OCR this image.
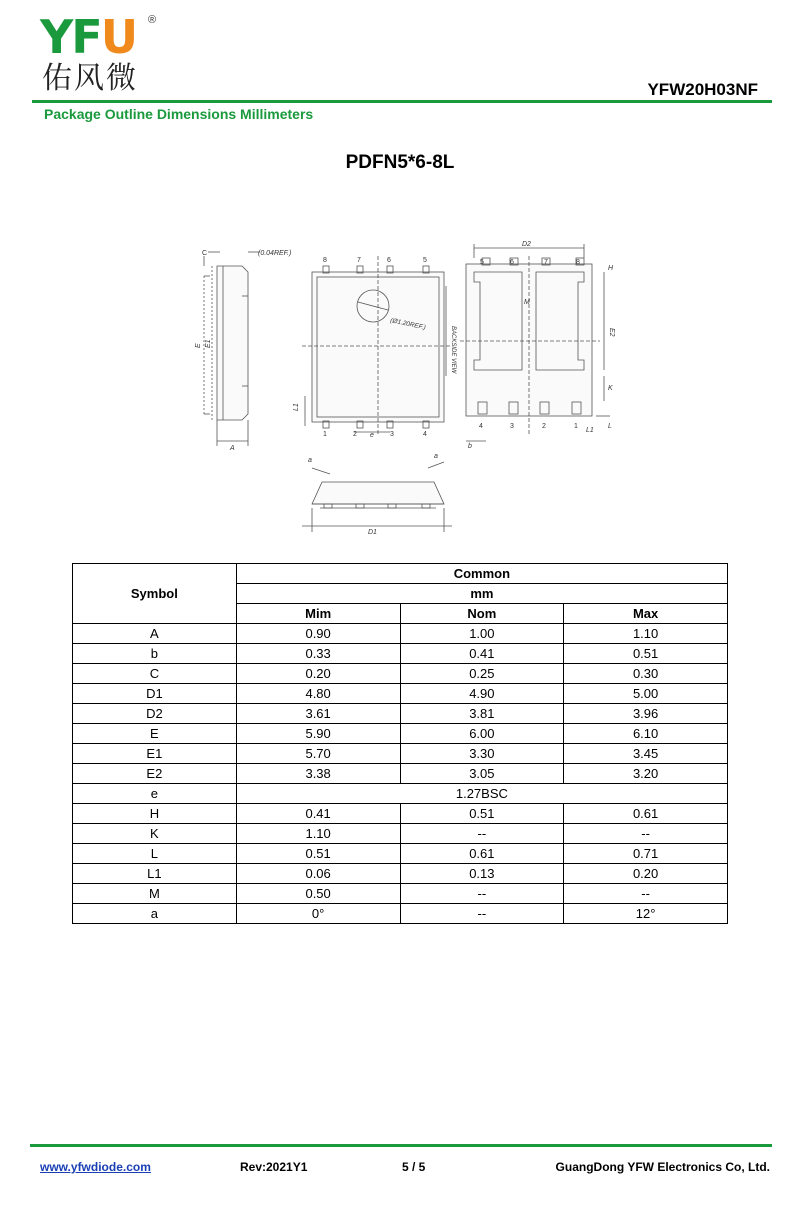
YFU ®
佑风微	YFW20H03NF
Package Outline Dimensions Millimeters
PDFN5*6-8L
C	(0.04REF.)
E E1
A
8	7	6	5
1	2	3	4
(Ø1.20REF.)
BACKSIDE VIEW
L1
e
D2
5	6	7	8
4	3	2	1
M
H
E2
K
L1
L
b
a
a
D1
Symbol	Common		
	mm		
	Mim	Nom	Max
A	0.90	1.00	1.10
b	0.33	0.41	0.51
C	0.20	0.25	0.30
D1	4.80	4.90	5.00
D2	3.61	3.81	3.96
E	5.90	6.00	6.10
E1	5.70	3.30	3.45
E2	3.38	3.05	3.20
e	1.27BSC		
H	0.41	0.51	0.61
K	1.10	--	--
L	0.51	0.61	0.71
L1	0.06	0.13	0.20
M	0.50	--	--
a	0°	--	12°
www.yfwdiode.com	Rev:2021Y1	5 / 5	GuangDong YFW Electronics Co, Ltd.
